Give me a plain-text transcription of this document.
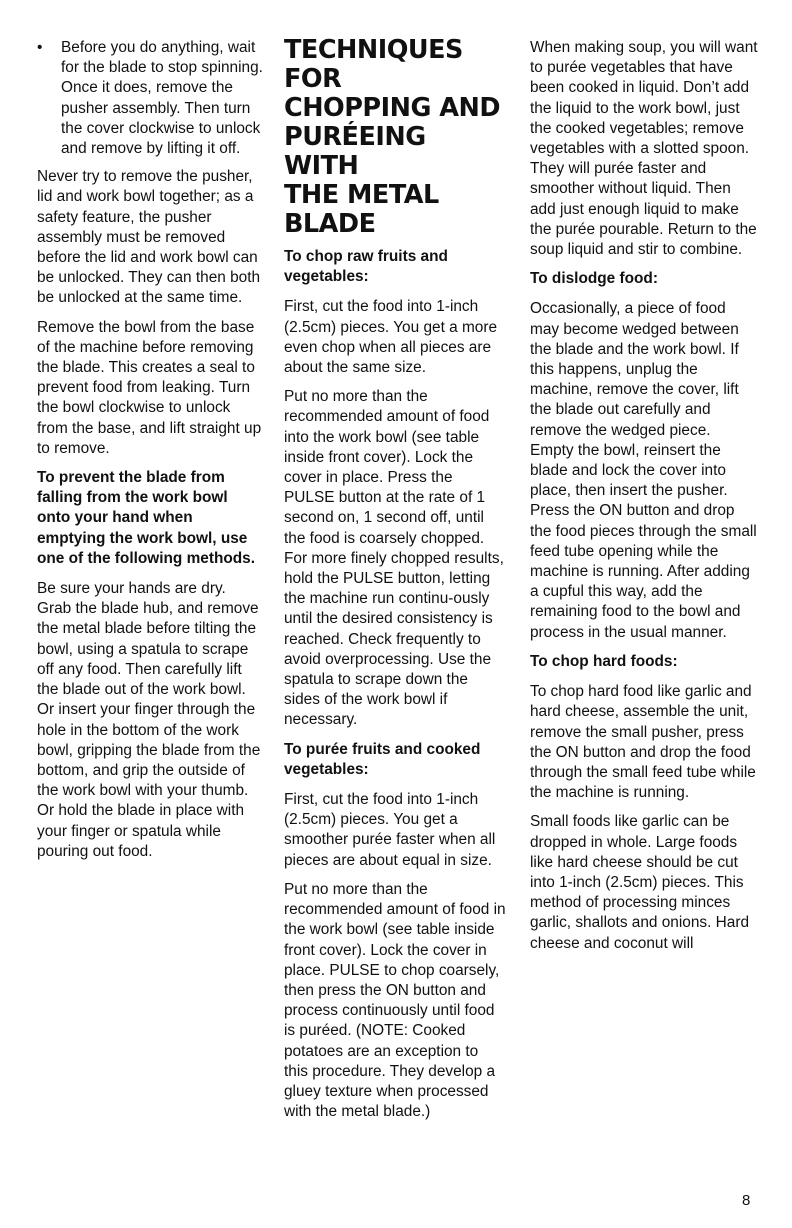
•	Before you do anything, wait for the blade to stop spinning. Once it does, remove the pusher assembly. Then turn the cover clockwise to unlock and remove by lifting it off.

Never try to remove the pusher, lid and work bowl together; as a safety feature, the pusher assembly must be removed before the lid and work bowl can be unlocked. They can then both be unlocked at the same time.

Remove the bowl from the base of the machine before removing the blade. This creates a seal to prevent food from leaking. Turn the bowl clockwise to unlock from the base, and lift straight up to remove.

To prevent the blade from falling from the work bowl onto your hand when emptying the work bowl, use one of the following methods.

Be sure your hands are dry. Grab the blade hub, and remove the metal blade before tilting the bowl, using a spatula to scrape off any food. Then carefully lift the blade out of the work bowl. Or insert your finger through the hole in the bottom of the work bowl, gripping the blade from the bottom, and grip the outside of the work bowl with your thumb. Or hold the blade in place with your finger or spatula while pouring out food.

TECHNIQUES FOR
CHOPPING AND
PURÉEING WITH
THE METAL BLADE
To chop raw fruits and vegetables:

First, cut the food into 1-inch (2.5cm) pieces. You get a more even chop when all pieces are about the same size.

Put no more than the recommended amount of food into the work bowl (see table inside front cover). Lock the cover in place. Press the PULSE button at the rate of 1 second on, 1 second off, until the food is coarsely chopped. For more finely chopped results, hold the PULSE button, letting the machine run continu-ously until the desired consistency is reached. Check frequently to avoid overprocessing. Use the spatula to scrape down the sides of the work bowl if necessary.

To purée fruits and cooked vegetables:

First, cut the food into 1-inch (2.5cm) pieces. You get a smoother purée faster when all pieces are about equal in size.

Put no more than the recommended amount of food in the work bowl (see table inside front cover). Lock the cover in place. PULSE to chop coarsely, then press the ON button and process continuously until food is puréed. (NOTE: Cooked potatoes are an exception to this procedure. They develop a gluey texture when processed with the metal blade.)

When making soup, you will want to purée vegetables that have been cooked in liquid. Don’t add the liquid to the work bowl, just the cooked vegetables; remove vegetables with a slotted spoon. They will purée faster and smoother without liquid. Then add just enough liquid to make the purée pourable. Return to the soup liquid and stir to combine.

To dislodge food:

Occasionally, a piece of food may become wedged between the blade and the work bowl. If this happens, unplug the machine, remove the cover, lift the blade out carefully and remove the wedged piece. Empty the bowl, reinsert the blade and lock the cover into place, then insert the pusher. Press the ON button and drop the food pieces through the small feed tube opening while the machine is running. After adding a cupful this way, add the remaining food to the bowl and process in the usual manner.

To chop hard foods:

To chop hard food like garlic and hard cheese, assemble the unit, remove the small pusher, press the ON button and drop the food through the small feed tube while the machine is running.

Small foods like garlic can be dropped in whole. Large foods like hard cheese should be cut into 1-inch (2.5cm) pieces. This method of processing minces garlic, shallots and onions. Hard cheese and coconut will

8
